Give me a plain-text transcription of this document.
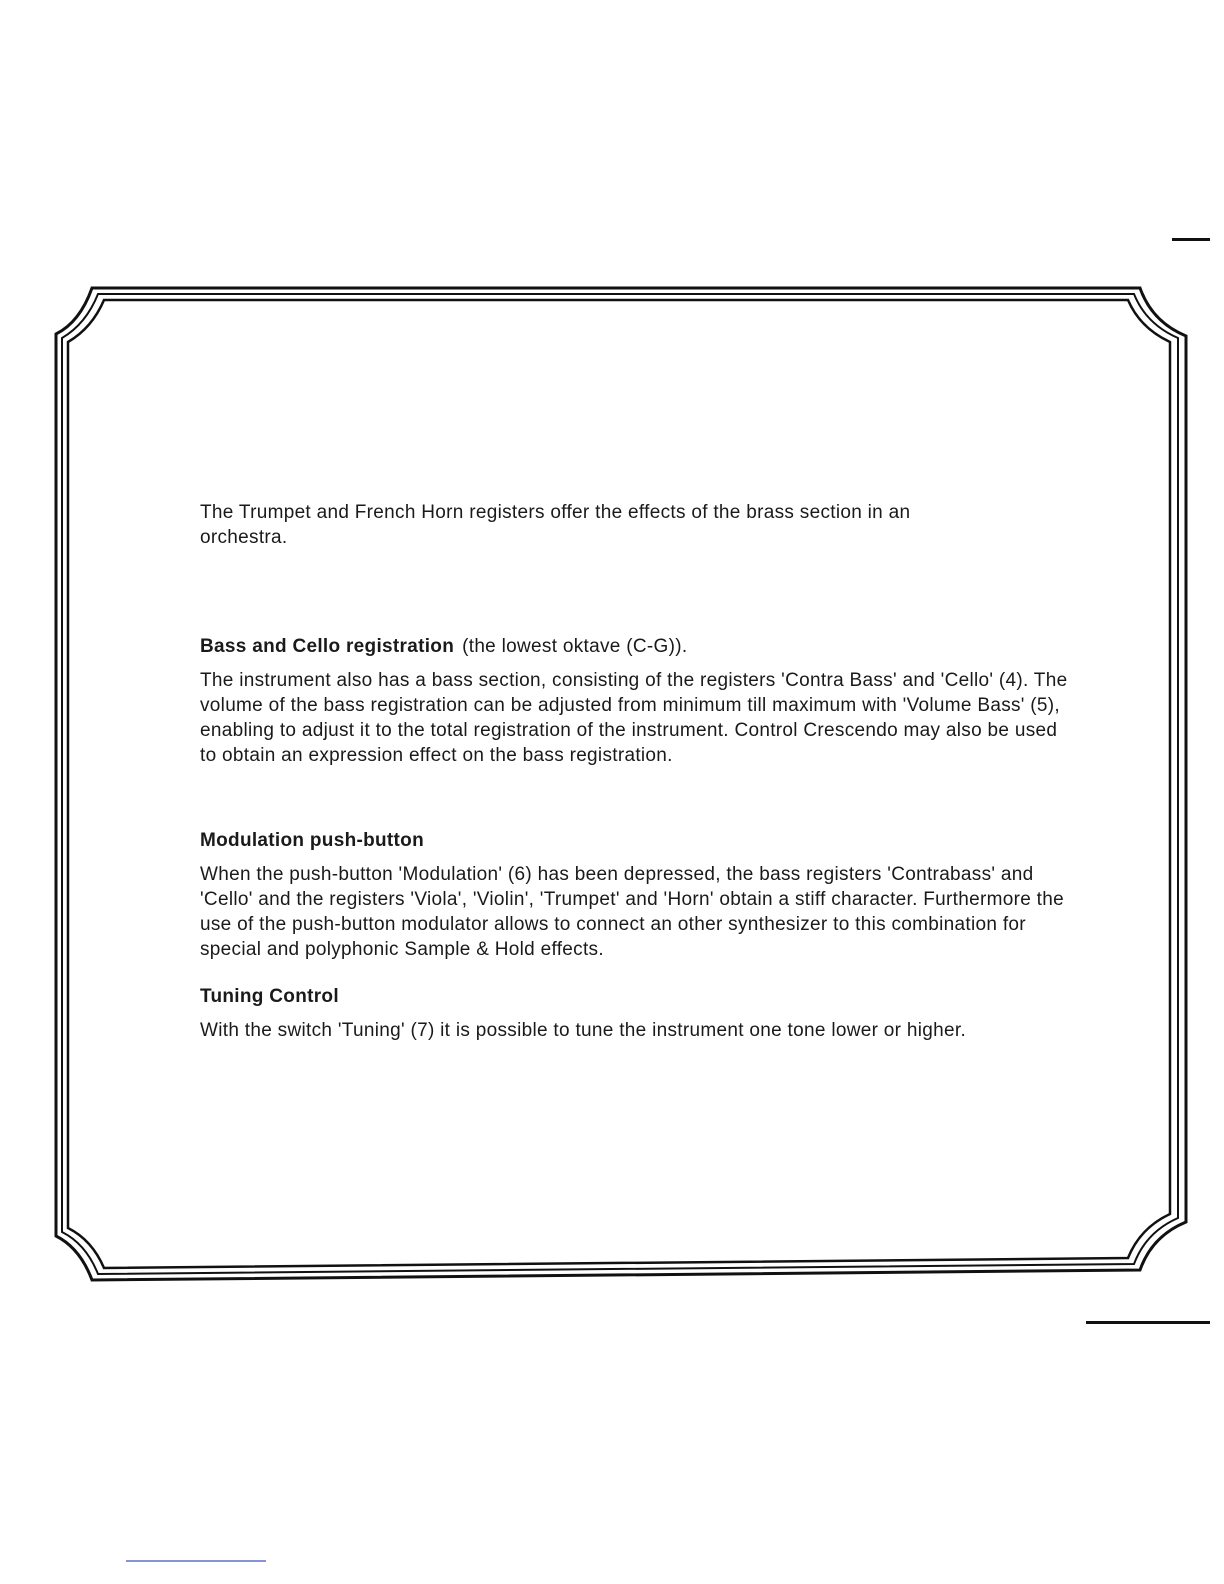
The Trumpet and French Horn registers offer the effects of the brass section in an orchestra.

Bass and Cello registration (the lowest oktave (C-G)).

The instrument also has a bass section, consisting of the registers 'Contra Bass' and 'Cello' (4). The volume of the bass registration can be adjusted from minimum till maximum with 'Volume Bass' (5), enabling to adjust it to the total registration of the instrument. Control Crescendo may also be used to obtain an expression effect on the bass registration.

Modulation push-button

When the push-button 'Modulation' (6) has been depressed, the bass registers 'Contrabass' and 'Cello' and the registers 'Viola', 'Violin', 'Trumpet' and 'Horn' obtain a stiff character. Furthermore the use of the push-button modulator allows to connect an other synthesizer to this combination for special and polyphonic Sample & Hold effects.

Tuning Control

With the switch 'Tuning' (7) it is possible to tune the instrument one tone lower or higher.
